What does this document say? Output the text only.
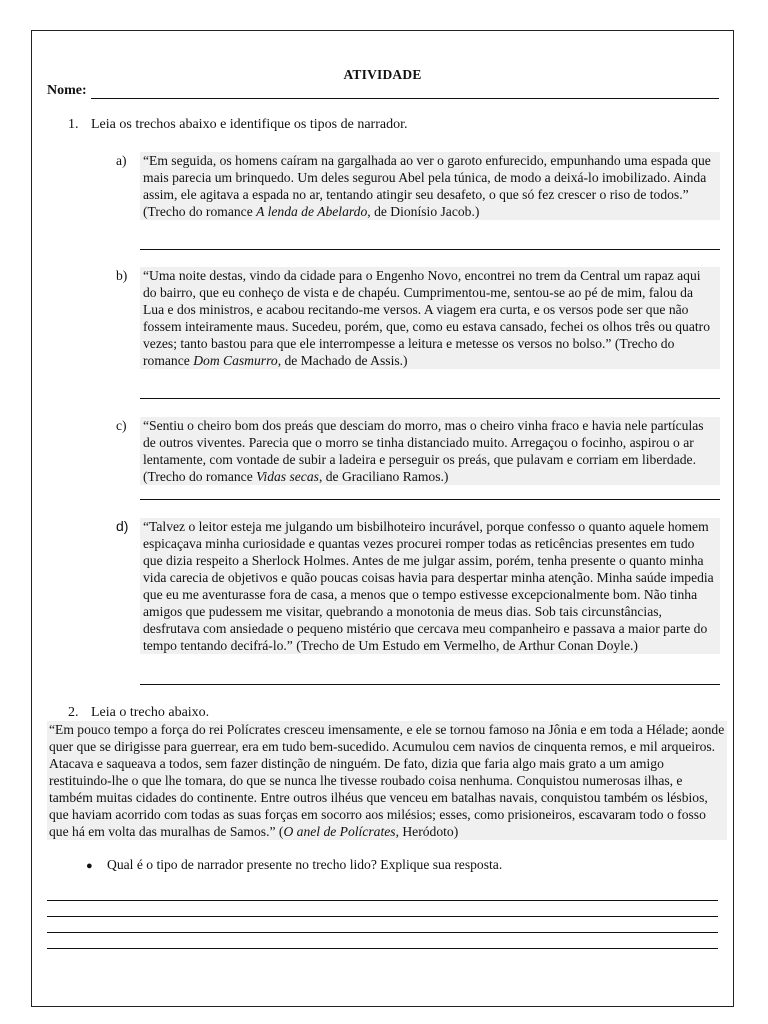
ATIVIDADE
Nome:
1. Leia os trechos abaixo e identifique os tipos de narrador.
a)	“Em seguida, os homens caíram na gargalhada ao ver o garoto enfurecido, empunhando uma espada que mais parecia um brinquedo. Um deles segurou Abel pela túnica, de modo a deixá-lo imobilizado. Ainda assim, ele agitava a espada no ar, tentando atingir seu desafeto, o que só fez crescer o riso de todos.” (Trecho do romance A lenda de Abelardo, de Dionísio Jacob.)
b)	“Uma noite destas, vindo da cidade para o Engenho Novo, encontrei no trem da Central um rapaz aqui do bairro, que eu conheço de vista e de chapéu. Cumprimentou-me, sentou-se ao pé de mim, falou da Lua e dos ministros, e acabou recitando-me versos. A viagem era curta, e os versos pode ser que não fossem inteiramente maus. Sucedeu, porém, que, como eu estava cansado, fechei os olhos três ou quatro vezes; tanto bastou para que ele interrompesse a leitura e metesse os versos no bolso.” (Trecho do romance Dom Casmurro, de Machado de Assis.)
c)	“Sentiu o cheiro bom dos preás que desciam do morro, mas o cheiro vinha fraco e havia nele partículas de outros viventes. Parecia que o morro se tinha distanciado muito. Arregaçou o focinho, aspirou o ar lentamente, com vontade de subir a ladeira e perseguir os preás, que pulavam e corriam em liberdade. (Trecho do romance Vidas secas, de Graciliano Ramos.)
d)	“Talvez o leitor esteja me julgando um bisbilhoteiro incurável, porque confesso o quanto aquele homem espicaçava minha curiosidade e quantas vezes procurei romper todas as reticências presentes em tudo que dizia respeito a Sherlock Holmes. Antes de me julgar assim, porém, tenha presente o quanto minha vida carecia de objetivos e quão poucas coisas havia para despertar minha atenção. Minha saúde impedia que eu me aventurasse fora de casa, a menos que o tempo estivesse excepcionalmente bom. Não tinha amigos que pudessem me visitar, quebrando a monotonia de meus dias. Sob tais circunstâncias, desfrutava com ansiedade o pequeno mistério que cercava meu companheiro e passava a maior parte do tempo tentando decifrá-lo.” (Trecho de Um Estudo em Vermelho, de Arthur Conan Doyle.)
2. Leia o trecho abaixo.
“Em pouco tempo a força do rei Polícrates cresceu imensamente, e ele se tornou famoso na Jônia e em toda a Hélade; aonde quer que se dirigisse para guerrear, era em tudo bem-sucedido. Acumulou cem navios de cinquenta remos, e mil arqueiros. Atacava e saqueava a todos, sem fazer distinção de ninguém. De fato, dizia que faria algo mais grato a um amigo restituindo-lhe o que lhe tomara, do que se nunca lhe tivesse roubado coisa nenhuma. Conquistou numerosas ilhas, e também muitas cidades do continente. Entre outros ilhéus que venceu em batalhas navais, conquistou também os lésbios, que haviam acorrido com todas as suas forças em socorro aos milésios; esses, como prisioneiros, escavaram todo o fosso que há em volta das muralhas de Samos.” (O anel de Polícrates, Heródoto)
● Qual é o tipo de narrador presente no trecho lido? Explique sua resposta.
